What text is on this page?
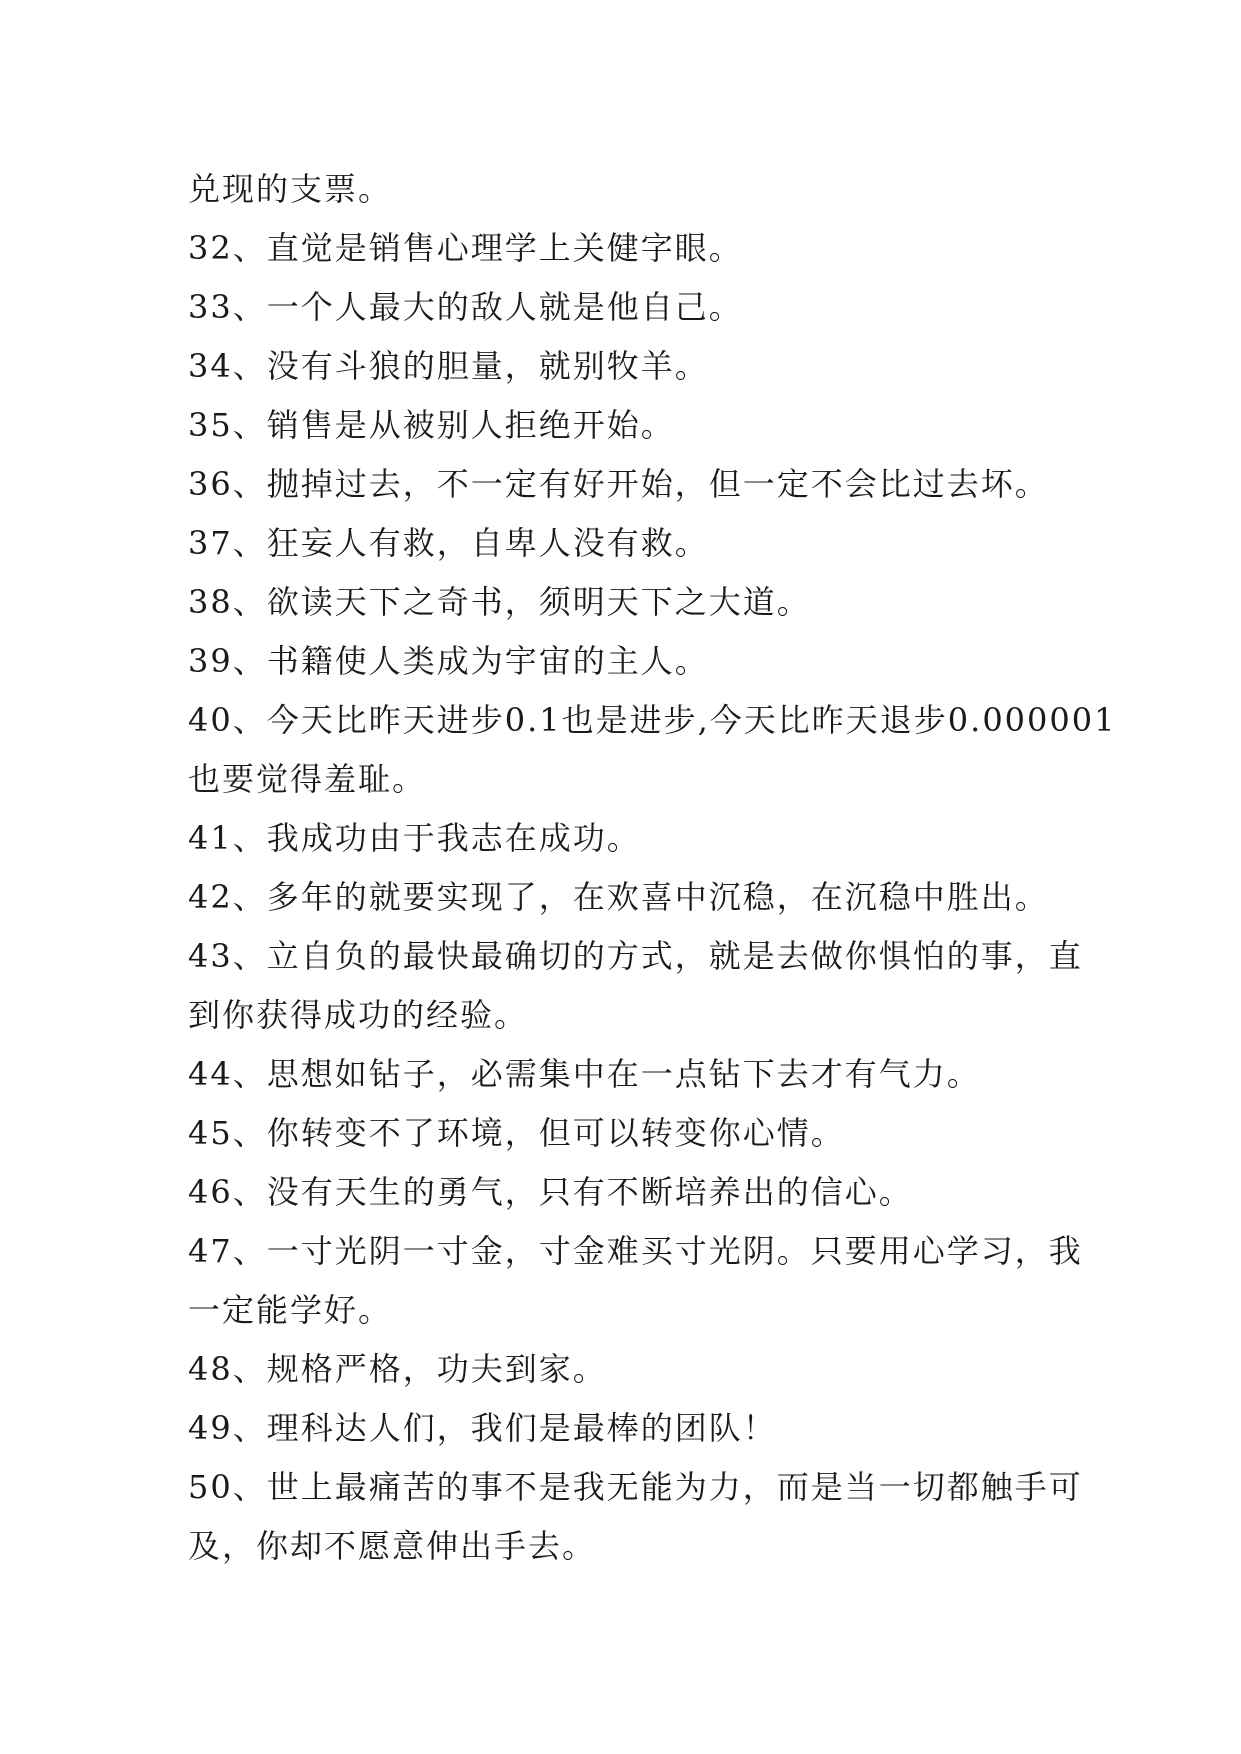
兑现的支票。
32、直觉是销售心理学上关健字眼。
33、一个人最大的敌人就是他自己。
34、没有斗狼的胆量，就别牧羊。
35、销售是从被别人拒绝开始。
36、抛掉过去，不一定有好开始，但一定不会比过去坏。
37、狂妄人有救，自卑人没有救。
38、欲读天下之奇书，须明天下之大道。
39、书籍使人类成为宇宙的主人。
40、今天比昨天进步0.1也是进步,今天比昨天退步0.000001
也要觉得羞耻。
41、我成功由于我志在成功。
42、多年的就要实现了，在欢喜中沉稳，在沉稳中胜出。
43、立自负的最快最确切的方式，就是去做你惧怕的事，直
到你获得成功的经验。
44、思想如钻子，必需集中在一点钻下去才有气力。
45、你转变不了环境，但可以转变你心情。
46、没有天生的勇气，只有不断培养出的信心。
47、一寸光阴一寸金，寸金难买寸光阴。只要用心学习，我
一定能学好。
48、规格严格，功夫到家。
49、理科达人们，我们是最棒的团队！
50、世上最痛苦的事不是我无能为力，而是当一切都触手可
及，你却不愿意伸出手去。
